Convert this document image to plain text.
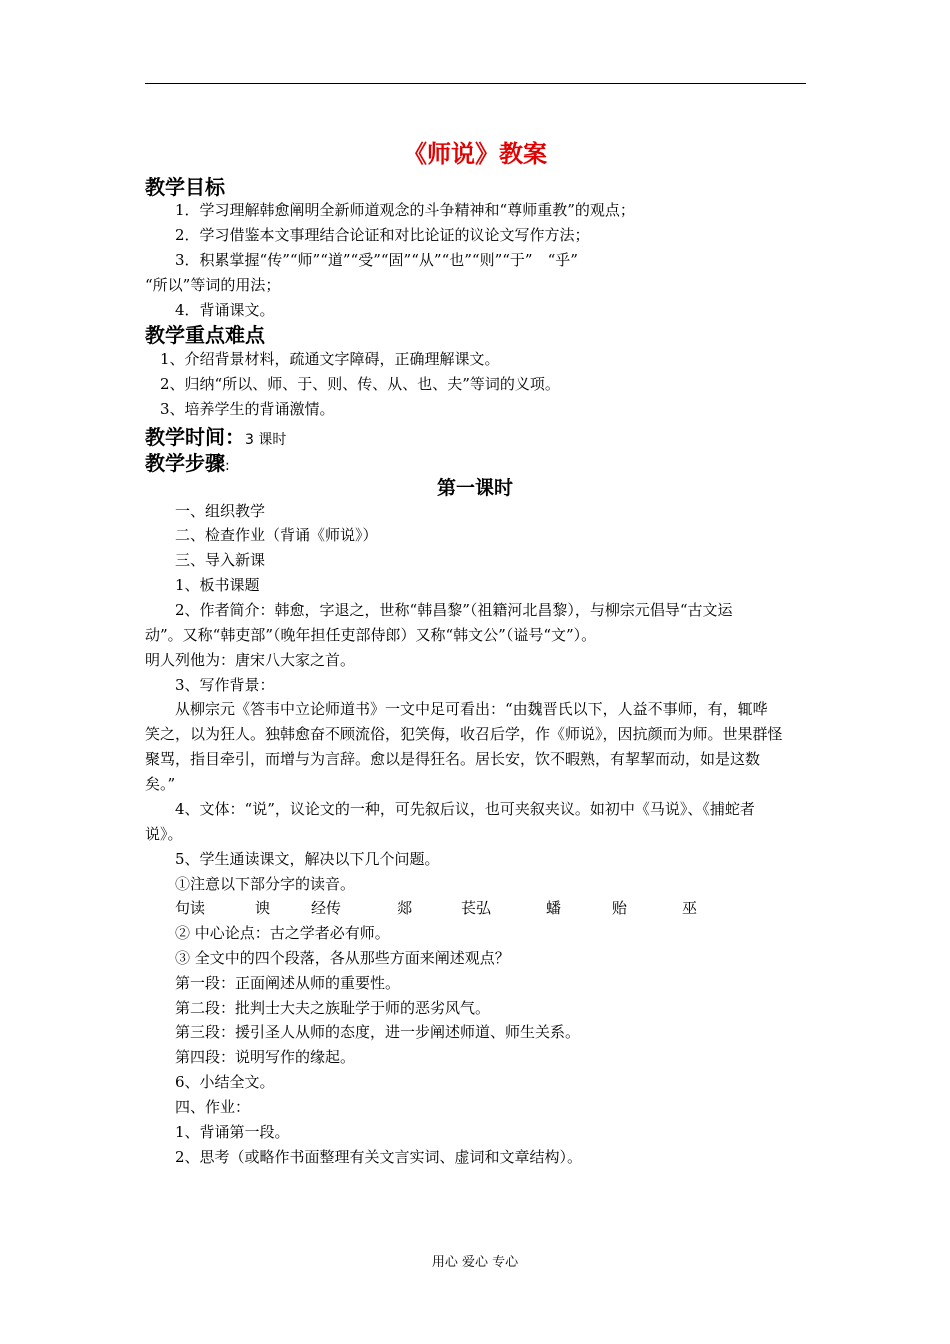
《师说》教案
教学目标
1．学习理解韩愈阐明全新师道观念的斗争精神和“尊师重教”的观点；
2．学习借鉴本文事理结合论证和对比论证的议论文写作方法；
3．积累掌握“传”“师”“道”“受”“固”“从”“也”“则”“于”　“乎”
“所以”等词的用法；
4．背诵课文。
教学重点难点
1、介绍背景材料，疏通文字障碍，正确理解课文。
2、归纳“所以、师、于、则、传、从、也、夫”等词的义项。
3、培养学生的背诵激情。
教学时间：3 课时
教学步骤:
第一课时
一、组织教学
二、检查作业（背诵《师说》）
三、导入新课
1、板书课题
2、作者简介：韩愈，字退之，世称“韩昌黎”（祖籍河北昌黎），与柳宗元倡导“古文运
动”。又称“韩吏部”（晚年担任吏部侍郎）又称“韩文公”（谥号“文”）。
明人列他为：唐宋八大家之首。
3、写作背景：
从柳宗元《答韦中立论师道书》一文中足可看出：“由魏晋氏以下，人益不事师，有，辄哗
笑之，以为狂人。独韩愈奋不顾流俗，犯笑侮，收召后学，作《师说》，因抗颜而为师。世果群怪
聚骂，指目牵引，而增与为言辞。愈以是得狂名。居长安，饮不暇熟，有挈挈而动，如是这数
矣。”
4、文体：“说”，议论文的一种，可先叙后议，也可夹叙夹议。如初中《马说》、《捕蛇者
说》。
5、学生通读课文，解决以下几个问题。
①注意以下部分字的读音。
句读	谀	经传	郯	苌弘	蟠	贻	巫
② 中心论点：古之学者必有师。
③ 全文中的四个段落，各从那些方面来阐述观点？
第一段：正面阐述从师的重要性。
第二段：批判士大夫之族耻学于师的恶劣风气。
第三段：援引圣人从师的态度，进一步阐述师道、师生关系。
第四段：说明写作的缘起。
6、小结全文。
四、作业：
1、背诵第一段。
2、思考（或略作书面整理有关文言实词、虚词和文章结构）。
用心 爱心 专心
